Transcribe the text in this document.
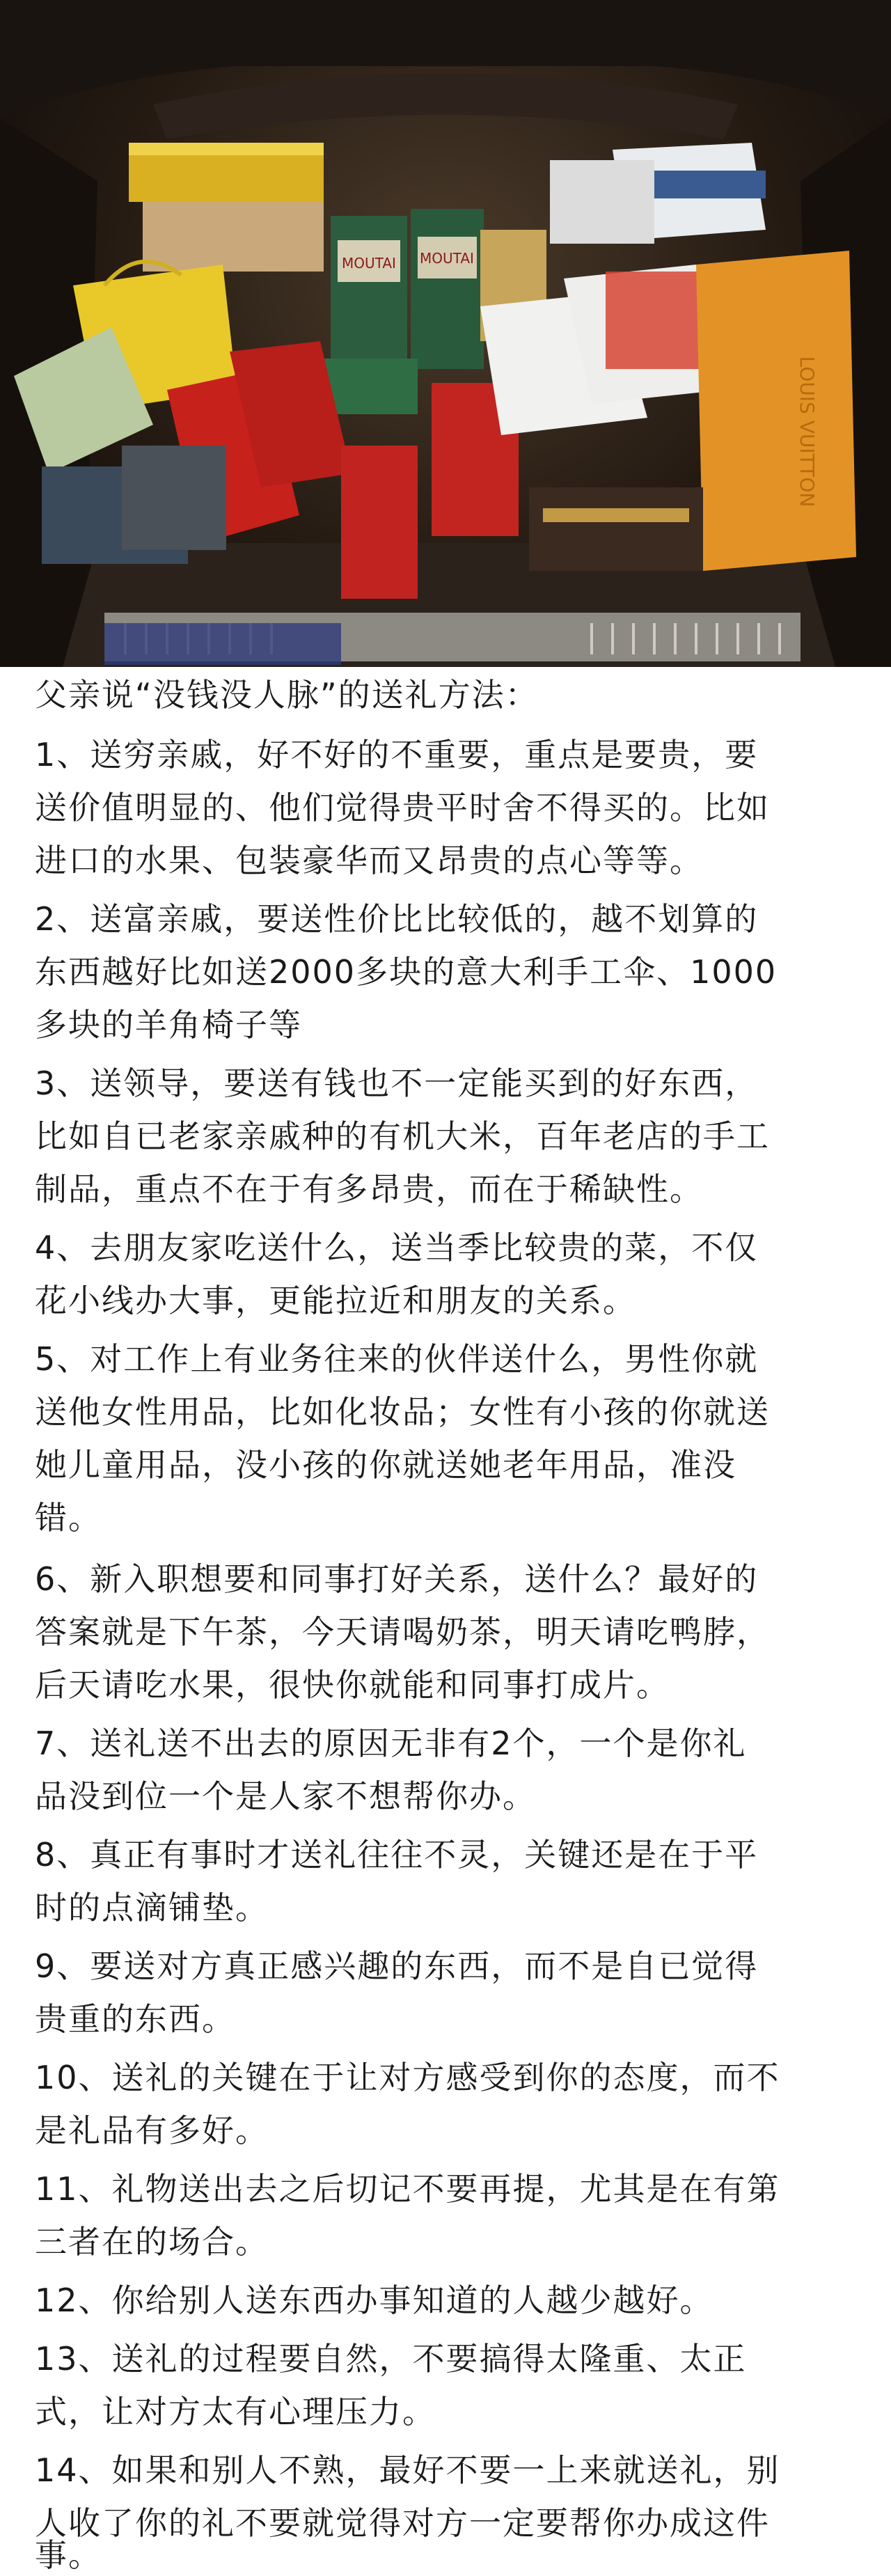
MOUTAI MOUTAI
LOUIS VUITTON
父亲说“没钱没人脉”的送礼方法：
1、送穷亲戚，好不好的不重要，重点是要贵，要
送价值明显的、他们觉得贵平时舍不得买的。比如
进口的水果、包装豪华而又昂贵的点心等等。
2、送富亲戚，要送性价比比较低的，越不划算的
东西越好比如送2000多块的意大利手工伞、1000
多块的羊角椅子等
3、送领导，要送有钱也不一定能买到的好东西，
比如自已老家亲戚种的有机大米，百年老店的手工
制品，重点不在于有多昂贵，而在于稀缺性。
4、去朋友家吃送什么，送当季比较贵的菜，不仅
花小线办大事，更能拉近和朋友的关系。
5、对工作上有业务往来的伙伴送什么，男性你就
送他女性用品，比如化妆品；女性有小孩的你就送
她儿童用品，没小孩的你就送她老年用品，准没
错。
6、新入职想要和同事打好关系，送什么？最好的
答案就是下午茶，今天请喝奶茶，明天请吃鸭脖，
后天请吃水果，很快你就能和同事打成片。
7、送礼送不出去的原因无非有2个，一个是你礼
品没到位一个是人家不想帮你办。
8、真正有事时才送礼往往不灵，关键还是在于平
时的点滴铺垫。
9、要送对方真正感兴趣的东西，而不是自已觉得
贵重的东西。
10、送礼的关键在于让对方感受到你的态度，而不
是礼品有多好。
11、礼物送出去之后切记不要再提，尤其是在有第
三者在的场合。
12、你给别人送东西办事知道的人越少越好。
13、送礼的过程要自然，不要搞得太隆重、太正
式，让对方太有心理压力。
14、如果和别人不熟，最好不要一上来就送礼，别
人收了你的礼不要就觉得对方一定要帮你办成这件
事。
